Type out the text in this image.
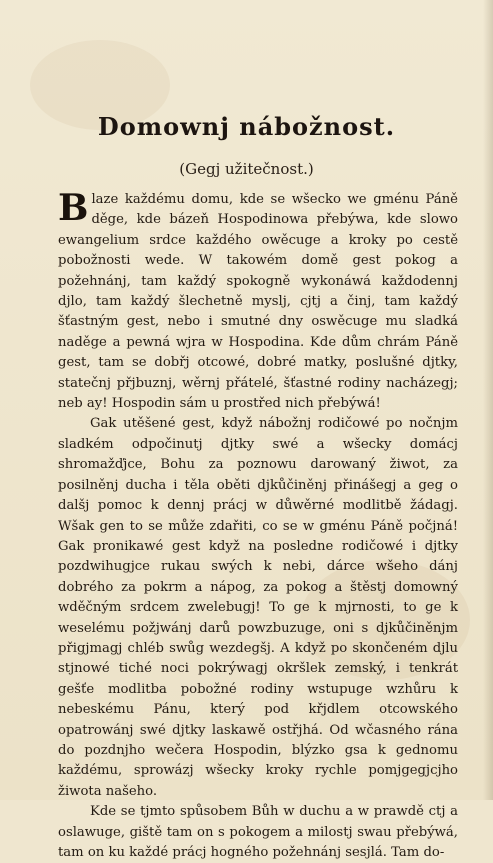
Domownj nábožnost.

(Gegj užitečnost.)

Blaze každému domu, kde se wšecko we gménu Páně děge, kde bázeň Hospodinowa přebýwa, kde slowo ewangelium srdce každého owěcuge a kroky po cestě pobožnosti wede. W takowém domě gest pokog a požehnánj, tam každý spokogně wykonáwá každodennj djlo, tam každý šlechetně myslj, cjtj a činj, tam každý šťastným gest, nebo i smutné dny oswěcuge mu sladká naděge a pewná wjra w Hospodina. Kde dům chrám Páně gest, tam se dobřj otcowé, dobré matky, poslušné djtky, statečnj přjbuznj, wěrnj přátelé, šťastné rodiny nacházegj; neb ay! Hospodin sám u prostřed nich přebýwá!

Gak utěšené gest, když nábožnj rodičowé po nočnjm sladkém odpočinutj djtky swé a wšecky domácj shromažďjce, Bohu za poznowu darowaný žiwot, za posilněnj ducha i těla oběti djkůčiněnj přinášegj a geg o dalšj pomoc k dennj prácj w důwěrné modlitbě žádagj. Wšak gen to se může zdařiti, co se w gménu Páně počjná! Gak pronikawé gest když na posledne rodičowé i djtky pozdwihugjce rukau swých k nebi, dárce wšeho dánj dobrého za pokrm a nápog, za pokog a štěstj domowný wděčným srdcem zwelebugj! To ge k mjrnosti, to ge k weselému požjwánj darů powzbuzuge, oni s djkůčiněnjm přigjmagj chléb swůg wezdegšj. A když po skončeném djlu stjnowé tiché noci pokrýwagj okršlek zemský, i tenkrát gešťe modlitba pobožné rodiny wstupuge wzhůru k nebeskému Pánu, který pod křjdlem otcowského opatrowánj swé djtky laskawě ostřjhá. Od wčasného rána do pozdnjho wečera Hospodin, blýzko gsa k gednomu každému, sprowázj wšecky kroky rychle pomjgegjcjho žiwota našeho.

Kde se tjmto spůsobem Bůh w duchu a w prawdě ctj a oslawuge, giště tam on s pokogem a milostj swau přebýwá, tam on ku každé prácj hogného požehnánj sesjlá. Tam do-
